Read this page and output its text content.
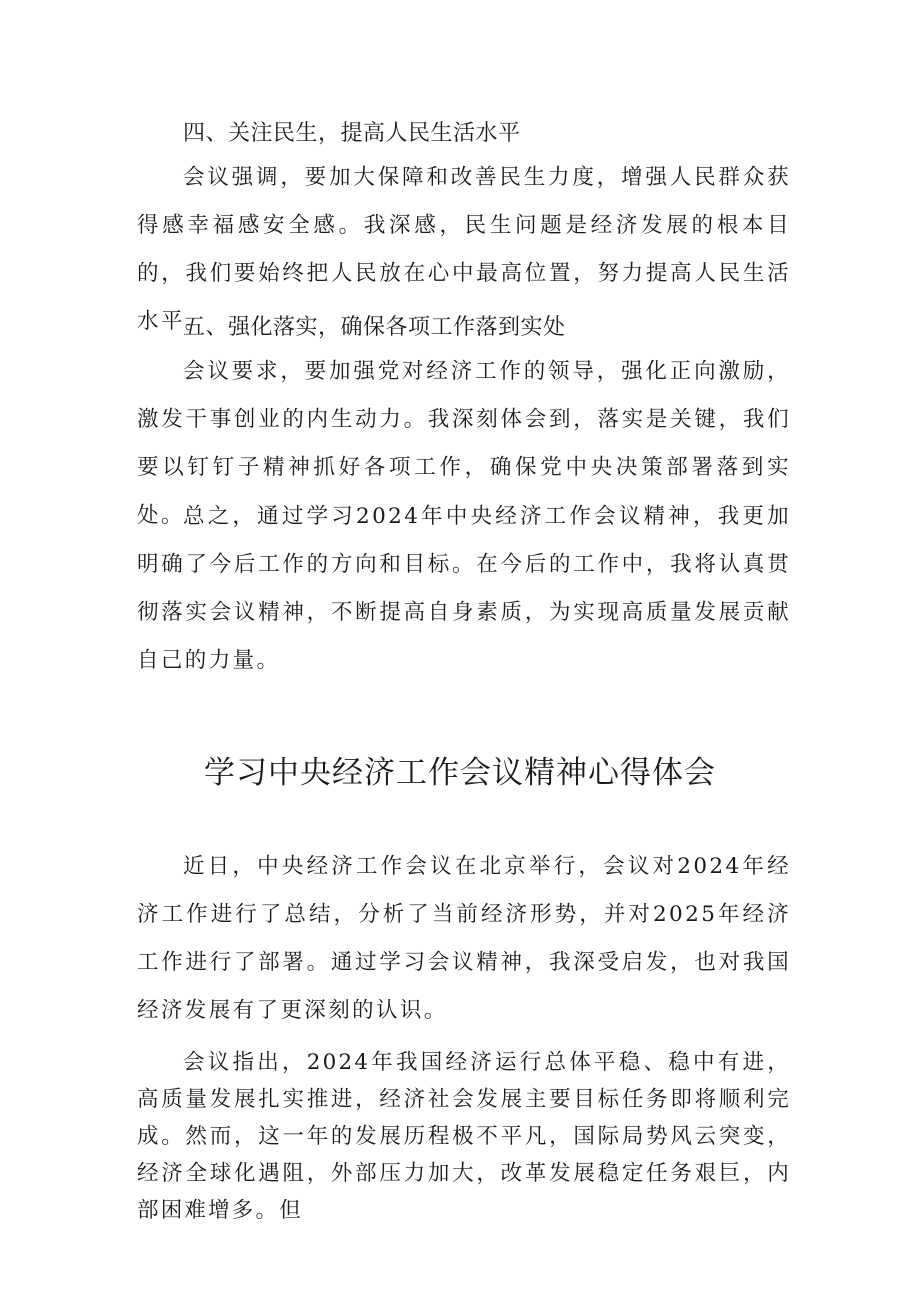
四、关注民生，提高人民生活水平

会议强调，要加大保障和改善民生力度，增强人民群众获得感幸福感安全感。我深感，民生问题是经济发展的根本目的，我们要始终把人民放在心中最高位置，努力提高人民生活水平。

五、强化落实，确保各项工作落到实处

会议要求，要加强党对经济工作的领导，强化正向激励，激发干事创业的内生动力。我深刻体会到，落实是关键，我们要以钉钉子精神抓好各项工作，确保党中央决策部署落到实处。

总之，通过学习2024年中央经济工作会议精神，我更加明确了今后工作的方向和目标。在今后的工作中，我将认真贯彻落实会议精神，不断提高自身素质，为实现高质量发展贡献自己的力量。

学习中央经济工作会议精神心得体会

近日，中央经济工作会议在北京举行，会议对2024年经济工作进行了总结，分析了当前经济形势，并对2025年经济工作进行了部署。通过学习会议精神，我深受启发，也对我国经济发展有了更深刻的认识。

会议指出，2024年我国经济运行总体平稳、稳中有进，高质量发展扎实推进，经济社会发展主要目标任务即将顺利完成。然而，这一年的发展历程极不平凡，国际局势风云突变，经济全球化遇阻，外部压力加大，改革发展稳定任务艰巨，内部困难增多。但
